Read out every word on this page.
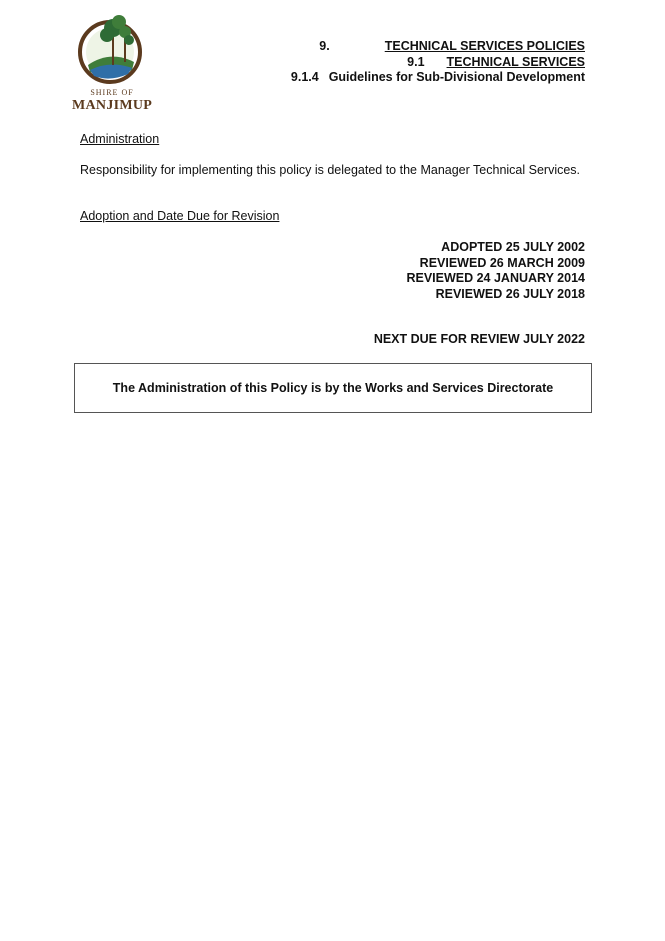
SHIRE OF
MANJIMUP
9.	TECHNICAL SERVICES POLICIES
9.1 TECHNICAL SERVICES
9.1.4 Guidelines for Sub-Divisional Development
Administration
Responsibility for implementing this policy is delegated to the Manager Technical Services.
Adoption and Date Due for Revision
ADOPTED 25 JULY 2002
REVIEWED 26 MARCH 2009
REVIEWED 24 JANUARY 2014
REVIEWED 26 JULY 2018
NEXT DUE FOR REVIEW JULY 2022
The Administration of this Policy is by the Works and Services Directorate
